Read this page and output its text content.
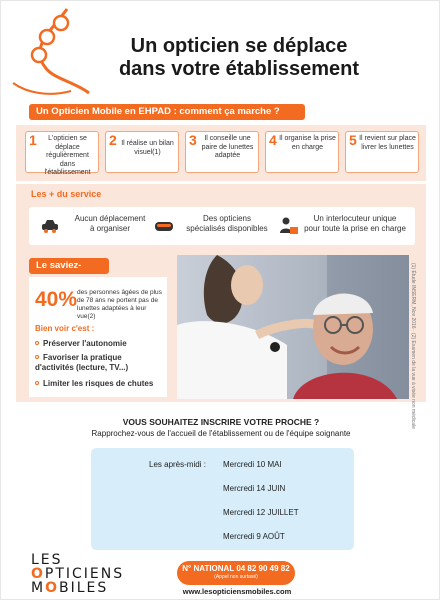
Un opticien se déplace
dans votre établissement
Un Opticien Mobile en EHPAD : comment ça marche ?
1	L'opticien se déplace régulièrement dans l'établissement
2 Il réalise un bilan visuel(1)
3	Il conseille une paire de lunettes adaptée
4 Il organise la prise en charge	5 Il revient sur place livrer les lunettes
Les + du service
Aucun déplacement
à organiser
Des opticiens
spécialisés disponibles
Un interlocuteur unique
pour toute la prise en charge
Le saviez-
40% des personnes âgées de plus de 78 ans ne portent pas de lunettes adaptées à leur vue(2)
Bien voir c'est :
Préserver l'autonomie
Favoriser la pratique d'activités (lecture, TV...)
Limiter les risques de chutes	(1) Étude INSERM, Nov 2016 · (2) Examen de la vue à visée non médicale
VOUS SOUHAITEZ INSCRIRE VOTRE PROCHE ?
Rapprochez-vous de l'accueil de l'établissement ou de l'équipe soignante
Les après-midi : Mercredi 10 MAI
Mercredi 14 JUIN
Mercredi 12 JUILLET
Mercredi 9 AOÛT
LES
OPTICIENS
MOBILES
N° NATIONAL 04 82 90 49 82
(Appel non surtaxé)
www.lesopticiensmobiles.com
